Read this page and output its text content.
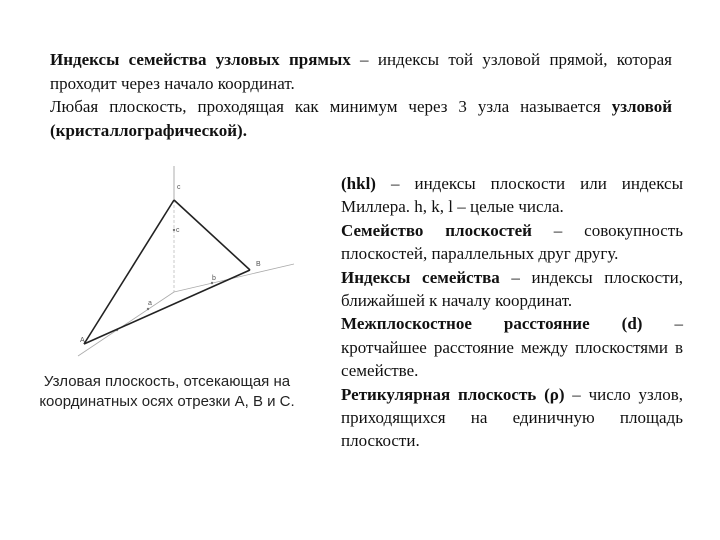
Индексы семейства узловых прямых – индексы той узловой прямой, которая проходит через начало координат.

Любая плоскость, проходящая как минимум через 3 узла называется узловой (кристаллографической).

c
c
b
B
a
A
Узловая плоскость, отсекающая на координатных осях отрезки А, В и С.

(hkl) – индексы плоскости или индексы Миллера. h, k, l – целые числа.

Семейство плоскостей – совокупность плоскостей, параллельных друг другу.

Индексы семейства – индексы плоскости, ближайшей к началу координат.

Межплоскостное расстояние (d) – кротчайшее расстояние между плоскостями в семействе.

Ретикулярная плоскость (ρ) – число узлов, приходящихся на единичную площадь плоскости.
